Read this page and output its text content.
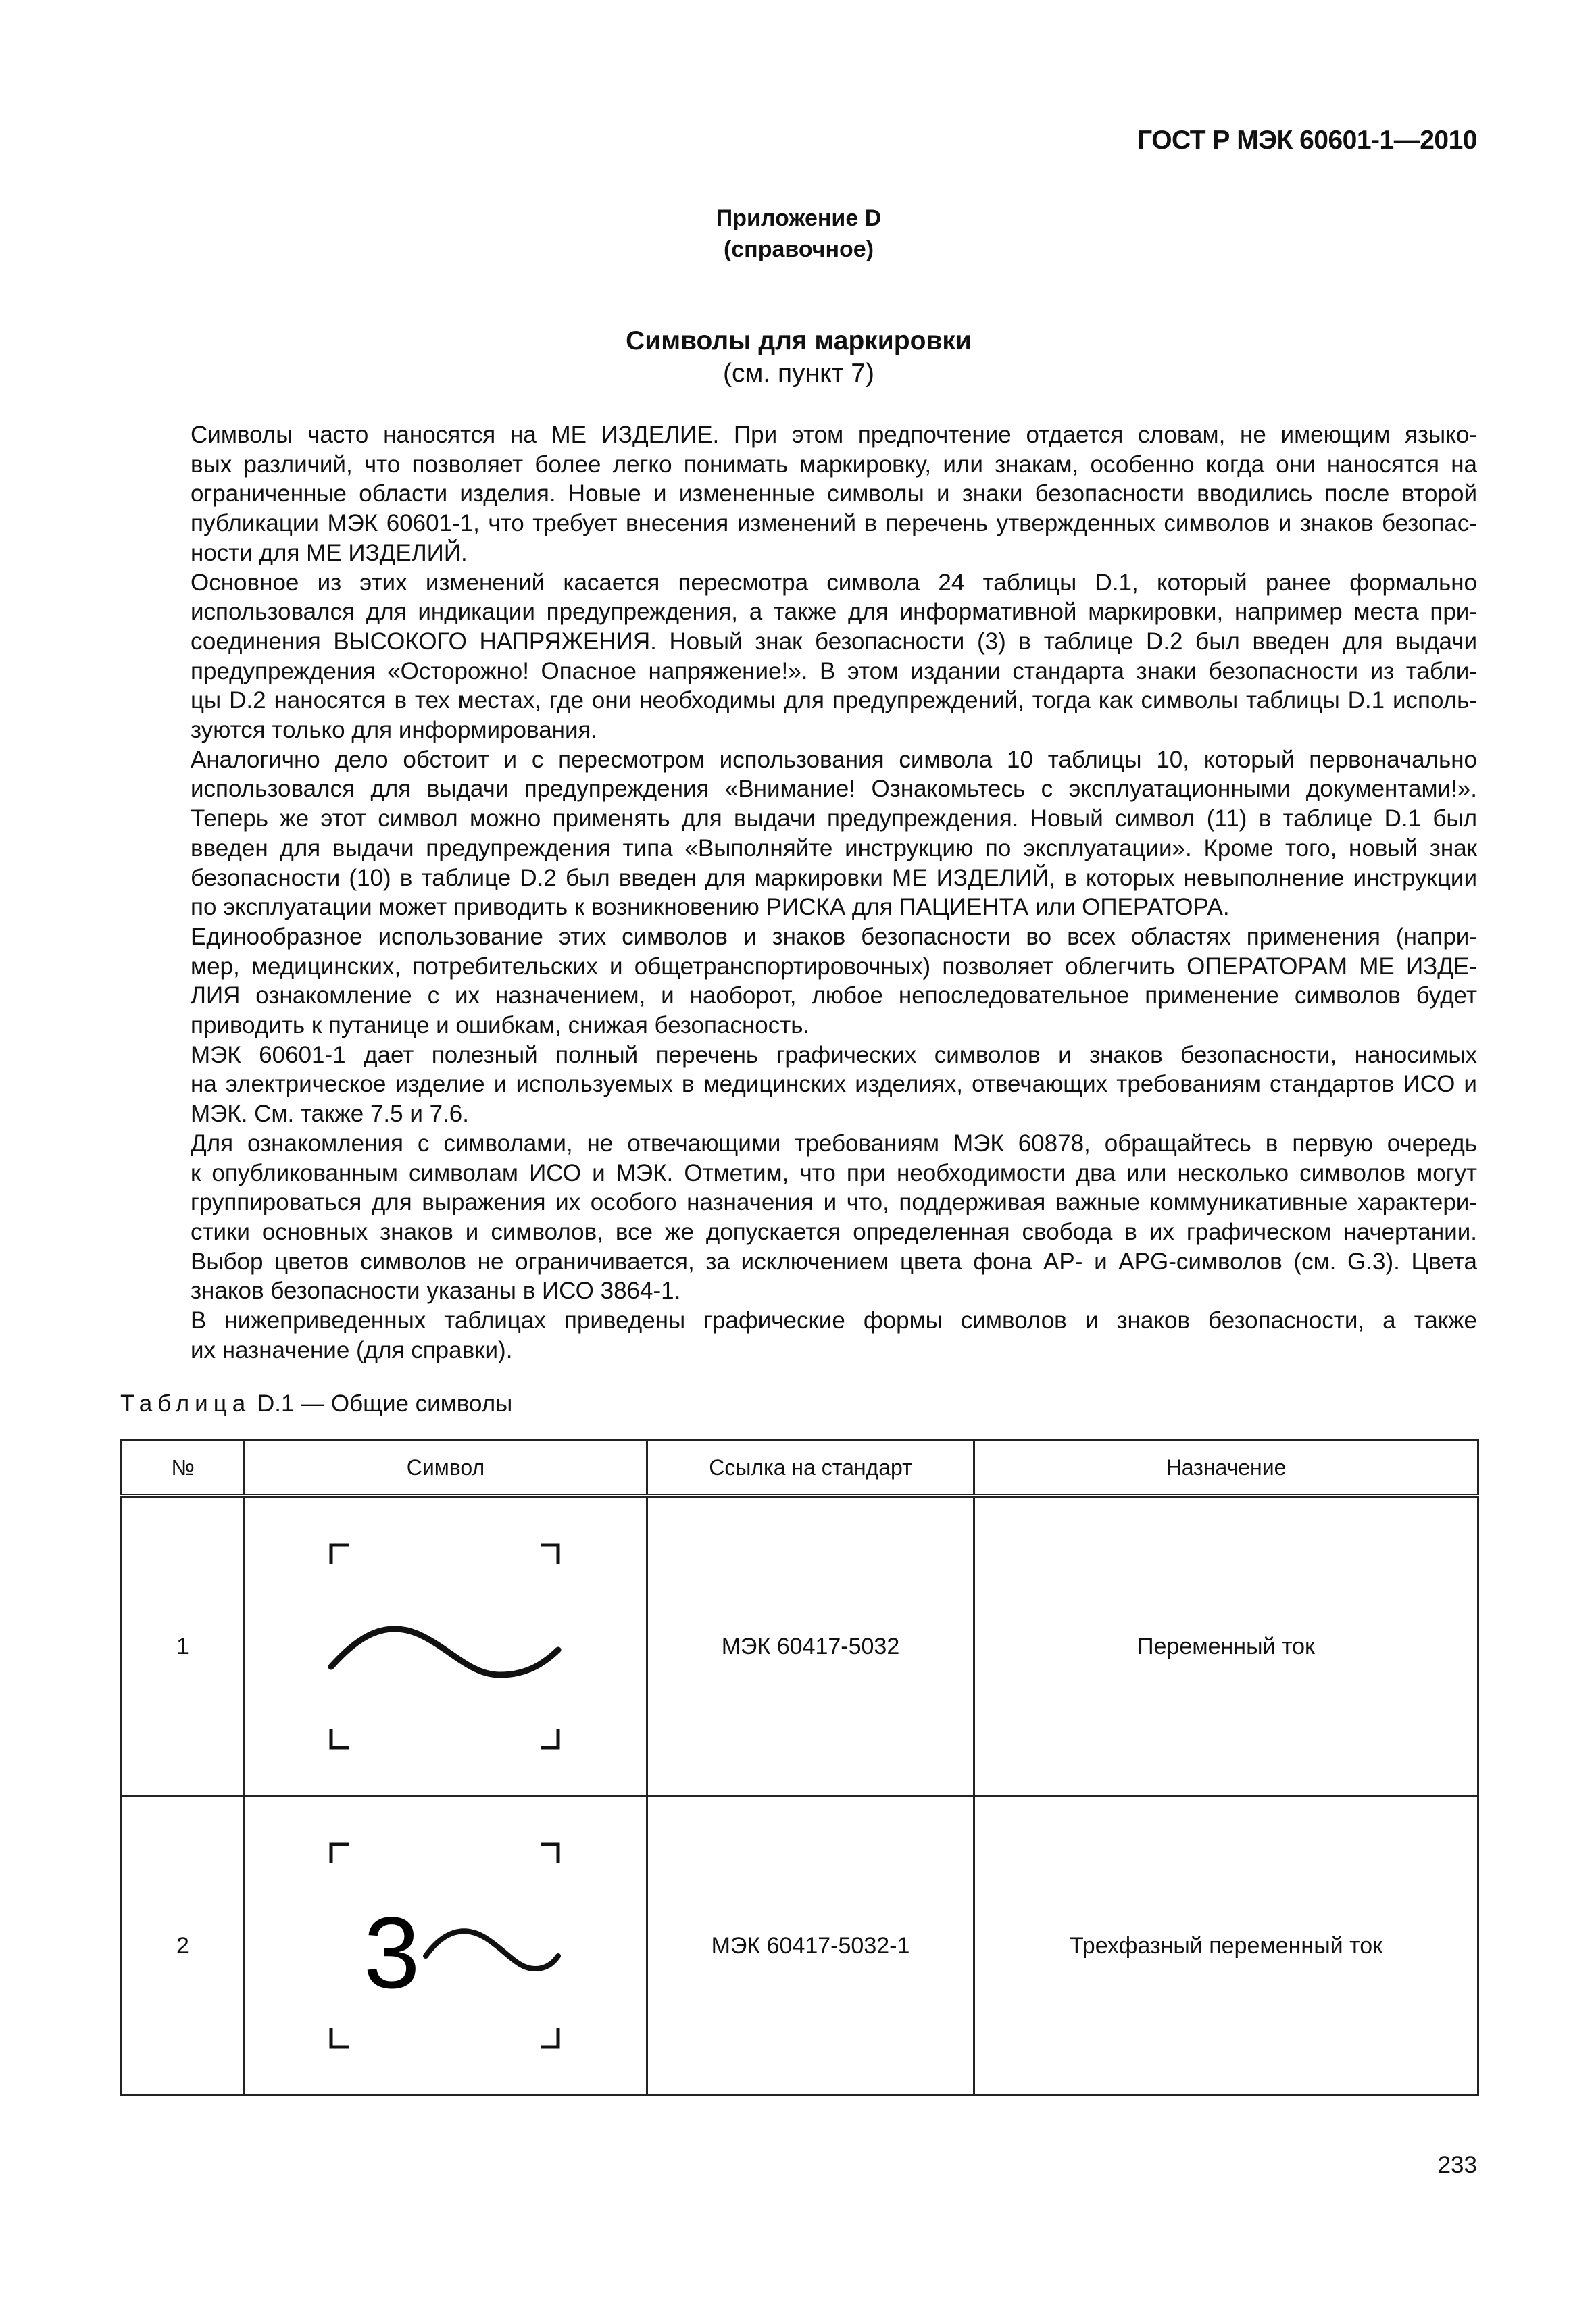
ГОСТ Р МЭК 60601-1—2010
Приложение D
(справочное)
Символы для маркировки
(см. пункт 7)

Символы часто наносятся на МЕ ИЗДЕЛИЕ. При этом предпочтение отдается словам, не имеющим языко-
вых различий, что позволяет более легко понимать маркировку, или знакам, особенно когда они наносятся на
ограниченные области изделия. Новые и измененные символы и знаки безопасности вводились после второй
публикации МЭК 60601-1, что требует внесения изменений в перечень утвержденных символов и знаков безопас-
ности для МЕ ИЗДЕЛИЙ.

Основное из этих изменений касается пересмотра символа 24 таблицы D.1, который ранее формально
использовался для индикации предупреждения, а также для информативной маркировки, например места при-
соединения ВЫСОКОГО НАПРЯЖЕНИЯ. Новый знак безопасности (3) в таблице D.2 был введен для выдачи
предупреждения «Осторожно! Опасное напряжение!». В этом издании стандарта знаки безопасности из табли-
цы D.2 наносятся в тех местах, где они необходимы для предупреждений, тогда как символы таблицы D.1 исполь-
зуются только для информирования.

Аналогично дело обстоит и с пересмотром использования символа 10 таблицы 10, который первоначально
использовался для выдачи предупреждения «Внимание! Ознакомьтесь с эксплуатационными документами!».
Теперь же этот символ можно применять для выдачи предупреждения. Новый символ (11) в таблице D.1 был
введен для выдачи предупреждения типа «Выполняйте инструкцию по эксплуатации». Кроме того, новый знак
безопасности (10) в таблице D.2 был введен для маркировки МЕ ИЗДЕЛИЙ, в которых невыполнение инструкции
по эксплуатации может приводить к возникновению РИСКА для ПАЦИЕНТА или ОПЕРАТОРА.

Единообразное использование этих символов и знаков безопасности во всех областях применения (напри-
мер, медицинских, потребительских и общетранспортировочных) позволяет облегчить ОПЕРАТОРАМ МЕ ИЗДЕ-
ЛИЯ ознакомление с их назначением, и наоборот, любое непоследовательное применение символов будет
приводить к путанице и ошибкам, снижая безопасность.

МЭК 60601-1 дает полезный полный перечень графических символов и знаков безопасности, наносимых
на электрическое изделие и используемых в медицинских изделиях, отвечающих требованиям стандартов ИСО и
МЭК. См. также 7.5 и 7.6.

Для ознакомления с символами, не отвечающими требованиям МЭК 60878, обращайтесь в первую очередь
к опубликованным символам ИСО и МЭК. Отметим, что при необходимости два или несколько символов могут
группироваться для выражения их особого назначения и что, поддерживая важные коммуникативные характери-
стики основных знаков и символов, все же допускается определенная свобода в их графическом начертании.
Выбор цветов символов не ограничивается, за исключением цвета фона AP- и APG-символов (см. G.3). Цвета
знаков безопасности указаны в ИСО 3864-1.

В нижеприведенных таблицах приведены графические формы символов и знаков безопасности, а также
их назначение (для справки).

Таблица D.1 — Общие символы
№	Символ	Ссылка на стандарт	Назначение
1		МЭК 60417-5032	Переменный ток
2	3	МЭК 60417-5032-1	Трехфазный переменный ток
233
